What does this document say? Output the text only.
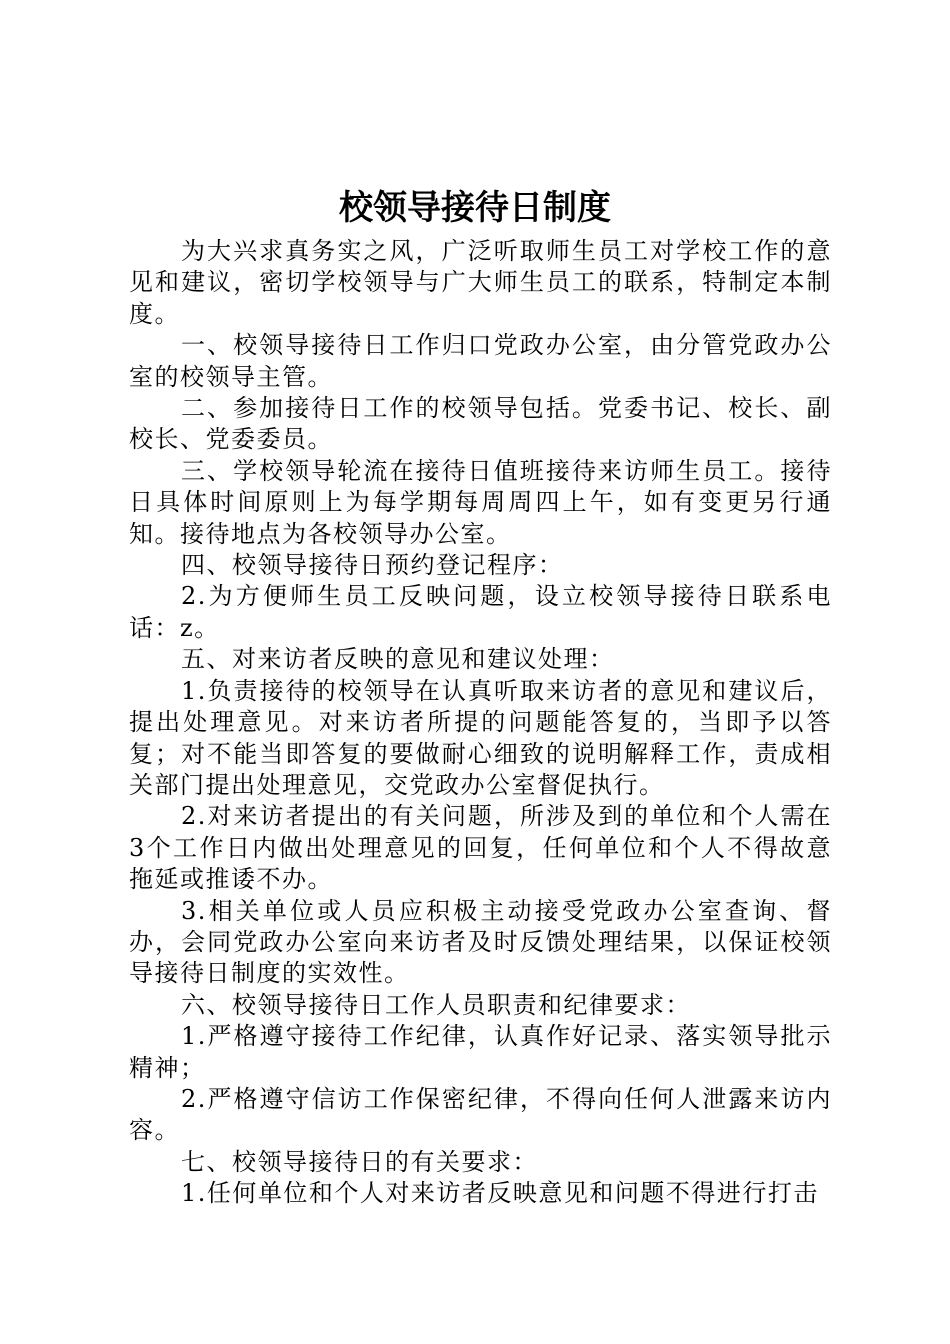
校领导接待日制度

为大兴求真务实之风，广泛听取师生员工对学校工作的意见和建议，密切学校领导与广大师生员工的联系，特制定本制度。

一、校领导接待日工作归口党政办公室，由分管党政办公室的校领导主管。

二、参加接待日工作的校领导包括。党委书记、校长、副校长、党委委员。

三、学校领导轮流在接待日值班接待来访师生员工。接待日具体时间原则上为每学期每周周四上午，如有变更另行通知。接待地点为各校领导办公室。

四、校领导接待日预约登记程序：

2.为方便师生员工反映问题，设立校领导接待日联系电话：z。

五、对来访者反映的意见和建议处理：

1.负责接待的校领导在认真听取来访者的意见和建议后，提出处理意见。对来访者所提的问题能答复的，当即予以答复；对不能当即答复的要做耐心细致的说明解释工作，责成相关部门提出处理意见，交党政办公室督促执行。

2.对来访者提出的有关问题，所涉及到的单位和个人需在3个工作日内做出处理意见的回复，任何单位和个人不得故意拖延或推诿不办。

3.相关单位或人员应积极主动接受党政办公室查询、督办，会同党政办公室向来访者及时反馈处理结果，以保证校领导接待日制度的实效性。

六、校领导接待日工作人员职责和纪律要求：

1.严格遵守接待工作纪律，认真作好记录、落实领导批示精神；

2.严格遵守信访工作保密纪律，不得向任何人泄露来访内容。

七、校领导接待日的有关要求：

1.任何单位和个人对来访者反映意见和问题不得进行打击
